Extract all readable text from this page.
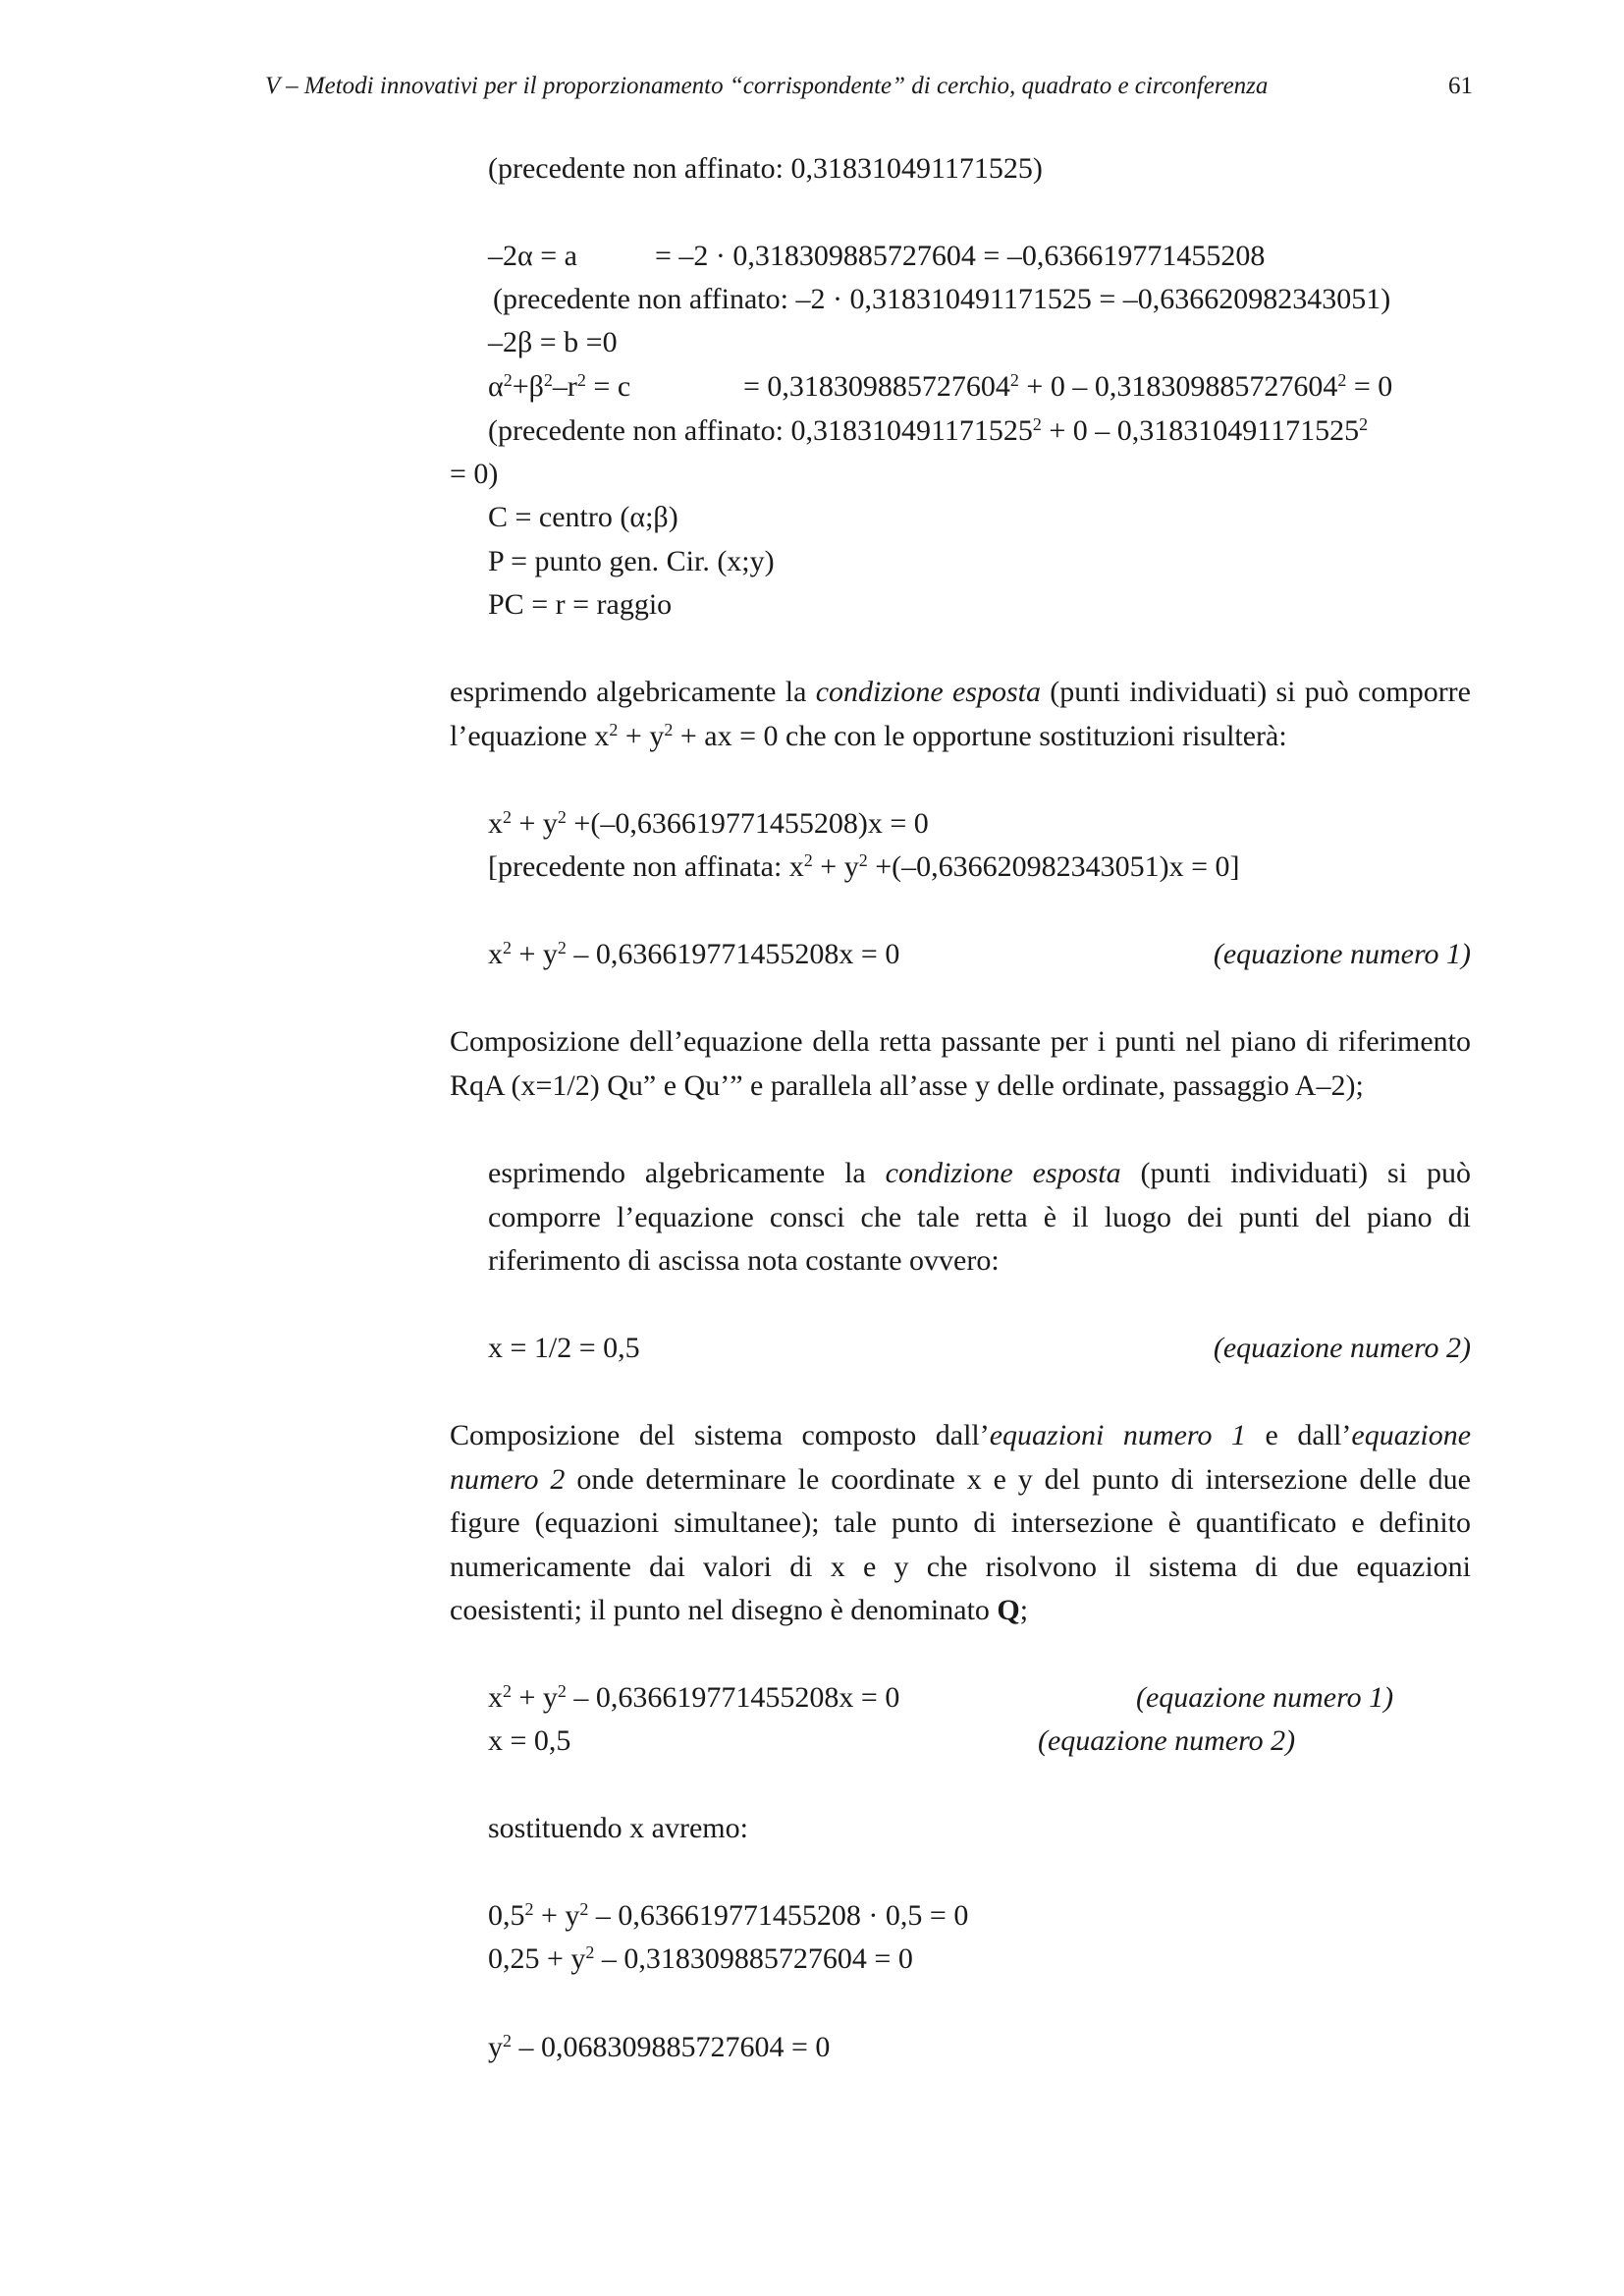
V – Metodi innovativi per il proporzionamento “corrispondente” di cerchio, quadrato e circonferenza	61
(precedente non affinato: 0,318310491171525)
–2α = a	= –2 · 0,318309885727604 = –0,636619771455208
(precedente non affinato: –2 · 0,318310491171525 = –0,636620982343051)
–2β = b =0
$\alpha^2+\beta^2-r^2 = c$	= $0,318309885727604^2 + 0 - 0,318309885727604^2 = 0$
(precedente non affinato: $0,318310491171525^2 + 0 - 0,318310491171525^2$
= 0)
C = centro (α;β)
P = punto gen. Cir. (x;y)
PC = r = raggio
esprimendo algebricamente la condizione esposta (punti individuati) si può comporre l’equazione $x^2 + y^2$ + ax = 0 che con le opportune sostituzioni risulterà:
$x^2 + y^2 +(-0,636619771455208)x = 0$
[precedente non affinata: $x^2 + y^2 +(-0,636620982343051)x = 0$]
$x^2 + y^2 - 0,636619771455208x = 0$	(equazione numero 1)
Composizione dell’equazione della retta passante per i punti nel piano di riferimento RqA (x=1/2) Qu” e Qu’” e parallela all’asse y delle ordinate, passaggio A–2);
esprimendo algebricamente la condizione esposta (punti individuati) si può comporre l’equazione consci che tale retta è il luogo dei punti del piano di riferimento di ascissa nota costante ovvero:
x = 1/2 = 0,5	(equazione numero 2)
Composizione del sistema composto dall’equazioni numero 1 e dall’equazione numero 2 onde determinare le coordinate x e y del punto di intersezione delle due figure (equazioni simultanee); tale punto di intersezione è quantificato e definito numericamente dai valori di x e y che risolvono il sistema di due equazioni coesistenti; il punto nel disegno è denominato Q;
$x^2 + y^2 - 0,636619771455208x = 0$	(equazione numero 1)
x = 0,5	(equazione numero 2)
sostituendo x avremo:
$0,5^2 + y^2 - 0,636619771455208 \cdot 0,5 = 0$
$0,25 + y^2 - 0,318309885727604 = 0$
$y^2 - 0,068309885727604 = 0$
